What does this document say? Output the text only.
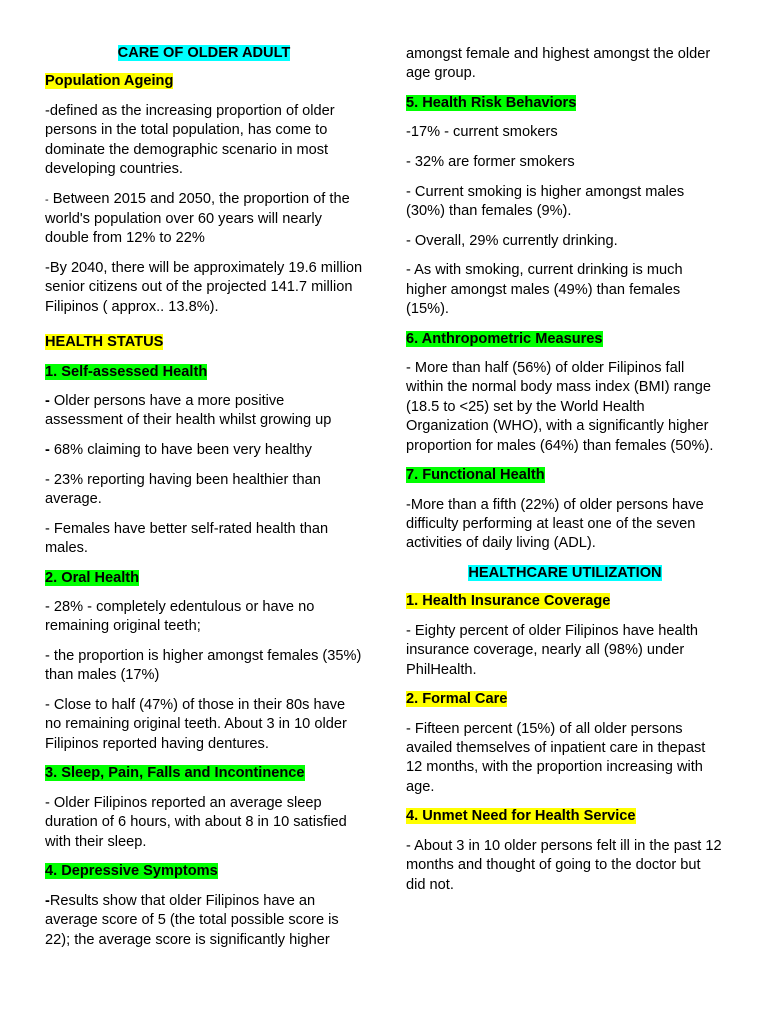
CARE OF OLDER ADULT

Population Ageing

-defined as the increasing proportion of older persons in the total population, has come to dominate the demographic scenario in most developing countries.

- Between 2015 and 2050, the proportion of the world's population over 60 years will nearly double from 12% to 22%

-By 2040, there will be approximately 19.6 million senior citizens out of the projected 141.7 million Filipinos ( approx.. 13.8%).

HEALTH STATUS

1. Self-assessed Health

- Older persons have a more positive assessment of their health whilst growing up

- 68% claiming to have been very healthy

- 23% reporting having been healthier than average.

- Females have better self-rated health than males.

2. Oral Health

- 28% - completely edentulous or have no remaining original teeth;

- the proportion is higher amongst females (35%) than males (17%)

- Close to half (47%) of those in their 80s have no remaining original teeth. About 3 in 10 older Filipinos reported having dentures.

3. Sleep, Pain, Falls and Incontinence

- Older Filipinos reported an average sleep duration of 6 hours, with about 8 in 10 satisfied with their sleep.

4. Depressive Symptoms

-Results show that older Filipinos have an average score of 5 (the total possible score is 22); the average score is significantly higher

amongst female and highest amongst the older age group.

5. Health Risk Behaviors

-17% - current smokers

- 32% are former smokers

- Current smoking is higher amongst males (30%) than females (9%).

- Overall, 29% currently drinking.

- As with smoking, current drinking is much higher amongst males (49%) than females (15%).

6. Anthropometric Measures

- More than half (56%) of older Filipinos fall within the normal body mass index (BMI) range (18.5 to <25) set by the World Health Organization (WHO), with a significantly higher proportion for males (64%) than females (50%).

7. Functional Health

-More than a fifth (22%) of older persons have difficulty performing at least one of the seven activities of daily living (ADL).

HEALTHCARE UTILIZATION

1. Health Insurance Coverage

- Eighty percent of older Filipinos have health insurance coverage, nearly all (98%) under PhilHealth.

2. Formal Care

- Fifteen percent (15%) of all older persons availed themselves of inpatient care in thepast 12 months, with the proportion increasing with age.

4. Unmet Need for Health Service

- About 3 in 10 older persons felt ill in the past 12 months and thought of going to the doctor but did not.
